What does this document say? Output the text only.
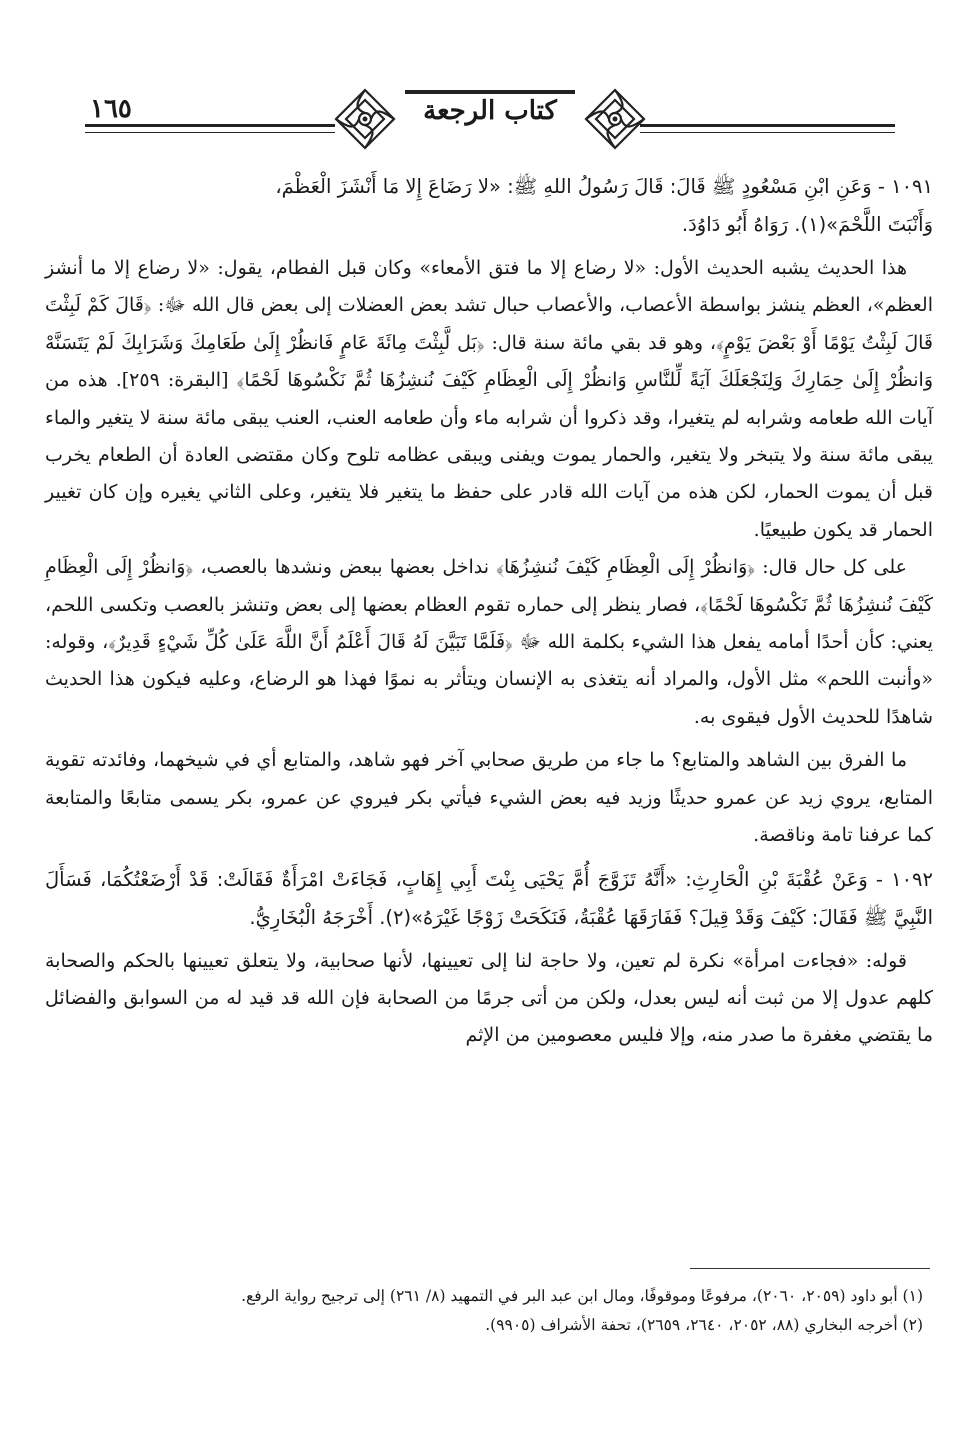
١٦٥	كتاب الرجعة

١٠٩١ - وَعَنِ ابْنِ مَسْعُودٍ ﷺ قَالَ: قَالَ رَسُولُ اللهِ ﷺ: «لا رَضَاعَ إِلا مَا أَنْشَزَ الْعَظْمَ،

وَأَنْبَتَ اللَّحْمَ»(١). رَوَاهُ أَبُو دَاوُدَ.

هذا الحديث يشبه الحديث الأول: «لا رضاع إلا ما فتق الأمعاء» وكان قبل الفطام، يقول: «لا رضاع إلا ما أنشز العظم»، العظم ينشز بواسطة الأعصاب، والأعصاب حبال تشد بعض العضلات إلى بعض قال الله ﷻ: ﴿قَالَ كَمْ لَبِثْتَ قَالَ لَبِثْتُ يَوْمًا أَوْ بَعْضَ يَوْمٍ﴾، وهو قد بقي مائة سنة قال: ﴿بَل لَّبِثْتَ مِائَةَ عَامٍ فَانظُرْ إِلَىٰ طَعَامِكَ وَشَرَابِكَ لَمْ يَتَسَنَّهْ وَانظُرْ إِلَىٰ حِمَارِكَ وَلِنَجْعَلَكَ آيَةً لِّلنَّاسِ وَانظُرْ إِلَى الْعِظَامِ كَيْفَ نُنشِزُهَا ثُمَّ نَكْسُوهَا لَحْمًا﴾ [البقرة: ٢٥٩]. هذه من آيات الله طعامه وشرابه لم يتغيرا، وقد ذكروا أن شرابه ماء وأن طعامه العنب، العنب يبقى مائة سنة لا يتغير والماء يبقى مائة سنة ولا يتبخر ولا يتغير، والحمار يموت ويفنى ويبقى عظامه تلوح وكان مقتضى العادة أن الطعام يخرب قبل أن يموت الحمار، لكن هذه من آيات الله قادر على حفظ ما يتغير فلا يتغير، وعلى الثاني يغيره وإن كان تغيير الحمار قد يكون طبيعيًا.

على كل حال قال: ﴿وَانظُرْ إِلَى الْعِظَامِ كَيْفَ نُنشِزُهَا﴾ نداخل بعضها ببعض ونشدها بالعصب، ﴿وَانظُرْ إِلَى الْعِظَامِ كَيْفَ نُنشِزُهَا ثُمَّ نَكْسُوهَا لَحْمًا﴾، فصار ينظر إلى حماره تقوم العظام بعضها إلى بعض وتنشز بالعصب وتكسى اللحم، يعني: كأن أحدًا أمامه يفعل هذا الشيء بكلمة الله ﷻ ﴿فَلَمَّا تَبَيَّنَ لَهُ قَالَ أَعْلَمُ أَنَّ اللَّهَ عَلَىٰ كُلِّ شَيْءٍ قَدِيرٌ﴾، وقوله: «وأنبت اللحم» مثل الأول، والمراد أنه يتغذى به الإنسان ويتأثر به نموًا فهذا هو الرضاع، وعليه فيكون هذا الحديث شاهدًا للحديث الأول فيقوى به.

ما الفرق بين الشاهد والمتابع؟ ما جاء من طريق صحابي آخر فهو شاهد، والمتابع أي في شيخهما، وفائدته تقوية المتابع، يروي زيد عن عمرو حديثًا وزيد فيه بعض الشيء فيأتي بكر فيروي عن عمرو، بكر يسمى متابعًا والمتابعة كما عرفنا تامة وناقصة.

١٠٩٢ - وَعَنْ عُقْبَةَ بْنِ الْحَارِثِ: «أَنَّهُ تَزَوَّجَ أُمَّ يَحْيَى بِنْتَ أَبِي إِهَابٍ، فَجَاءَتْ امْرَأَةٌ فَقَالَتْ: قَدْ أَرْضَعْتُكُمَا، فَسَأَلَ النَّبِيَّ ﷺ فَقَالَ: كَيْفَ وَقَدْ قِيلَ؟ فَفَارَقَهَا عُقْبَةُ، فَنَكَحَتْ زَوْجًا غَيْرَهُ»(٢). أَخْرَجَهُ الْبُخَارِيُّ.

قوله: «فجاءت امرأة» نكرة لم تعين، ولا حاجة لنا إلى تعيينها، لأنها صحابية، ولا يتعلق تعيينها بالحكم والصحابة كلهم عدول إلا من ثبت أنه ليس بعدل، ولكن من أتى جرمًا من الصحابة فإن الله قد قيد له من السوابق والفضائل ما يقتضي مغفرة ما صدر منه، وإلا فليس معصومين من الإثم

(١) أبو داود (٢٠٥٩، ٢٠٦٠)، مرفوعًا وموقوفًا، ومال ابن عبد البر في التمهيد (٨/ ٢٦١) إلى ترجيح رواية الرفع.

(٢) أخرجه البخاري (٨٨، ٢٠٥٢، ٢٦٤٠، ٢٦٥٩)، تحفة الأشراف (٩٩٠٥).
